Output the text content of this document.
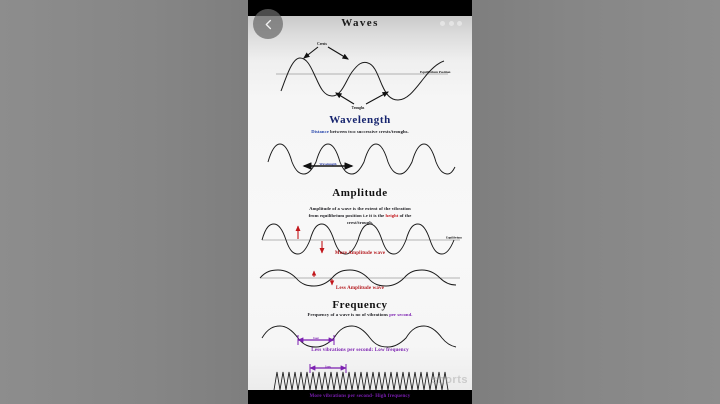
Waves
Crests
Troughs
Equilibrium Position
Wavelength
Distance between two successive crests/troughs.
Wavelength
Amplitude
Amplitude of a wave is the extent of the vibration
from equilibrium position i.e it is the height of the
crest/trough.
Equilibrium
More Amplitude wave
Less Amplitude wave
Frequency
Frequency of a wave is no of vibrations per second.
1sec
Less vibrations per second: Low frequency
1sec
More vibrations per second- High frequency
shorts
